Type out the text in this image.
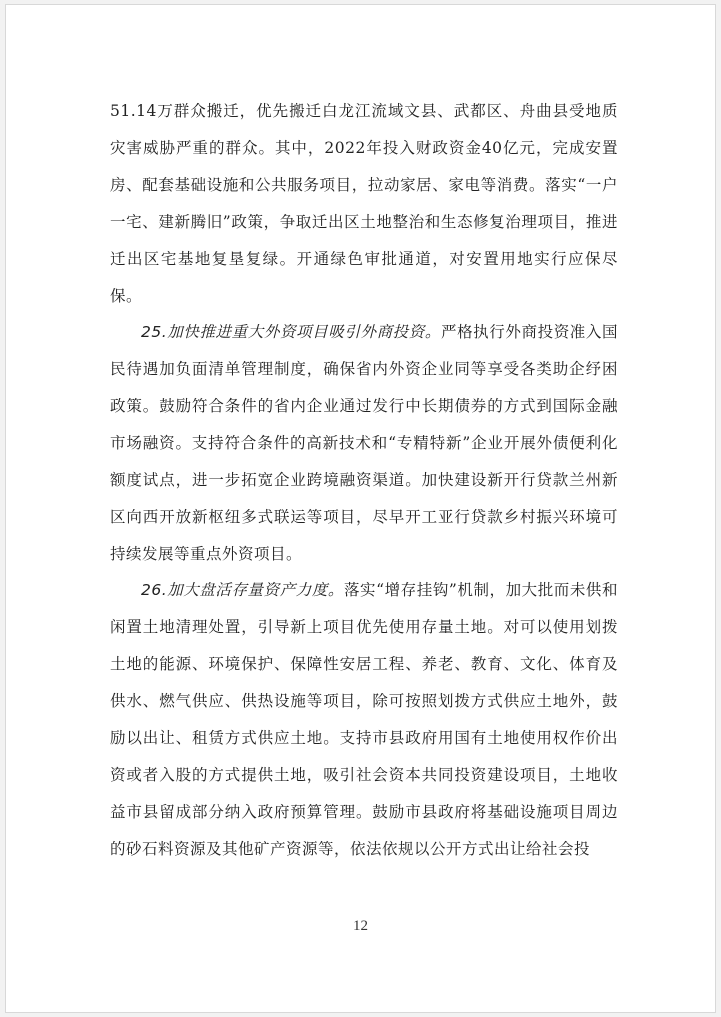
51.14万群众搬迁，优先搬迁白龙江流域文县、武都区、舟曲县受地质灾害威胁严重的群众。其中，2022年投入财政资金40亿元，完成安置房、配套基础设施和公共服务项目，拉动家居、家电等消费。落实“一户一宅、建新腾旧”政策，争取迁出区土地整治和生态修复治理项目，推进迁出区宅基地复垦复绿。开通绿色审批通道，对安置用地实行应保尽保。

25.加快推进重大外资项目吸引外商投资。严格执行外商投资准入国民待遇加负面清单管理制度，确保省内外资企业同等享受各类助企纾困政策。鼓励符合条件的省内企业通过发行中长期债券的方式到国际金融市场融资。支持符合条件的高新技术和“专精特新”企业开展外债便利化额度试点，进一步拓宽企业跨境融资渠道。加快建设新开行贷款兰州新区向西开放新枢纽多式联运等项目，尽早开工亚行贷款乡村振兴环境可持续发展等重点外资项目。

26.加大盘活存量资产力度。落实“增存挂钩”机制，加大批而未供和闲置土地清理处置，引导新上项目优先使用存量土地。对可以使用划拨土地的能源、环境保护、保障性安居工程、养老、教育、文化、体育及供水、燃气供应、供热设施等项目，除可按照划拨方式供应土地外，鼓励以出让、租赁方式供应土地。支持市县政府用国有土地使用权作价出资或者入股的方式提供土地，吸引社会资本共同投资建设项目，土地收益市县留成部分纳入政府预算管理。鼓励市县政府将基础设施项目周边的砂石料资源及其他矿产资源等，依法依规以公开方式出让给社会投

12
